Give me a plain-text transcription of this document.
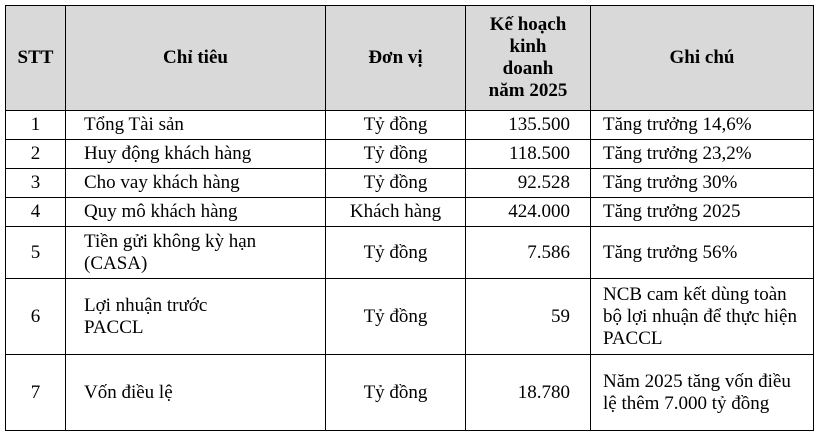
STT	Chỉ tiêu	Đơn vị	Kế hoạch kinh doanh năm 2025	Ghi chú
1	Tổng Tài sản	Tỷ đồng	135.500	Tăng trưởng 14,6%
2	Huy động khách hàng	Tỷ đồng	118.500	Tăng trưởng 23,2%
3	Cho vay khách hàng	Tỷ đồng	92.528	Tăng trưởng 30%
4	Quy mô khách hàng	Khách hàng	424.000	Tăng trưởng 2025
5	Tiền gửi không kỳ hạn (CASA)	Tỷ đồng	7.586	Tăng trưởng 56%
6	Lợi nhuận trước PACCL	Tỷ đồng	59	NCB cam kết dùng toàn bộ lợi nhuận để thực hiện PACCL
7	Vốn điều lệ	Tỷ đồng	18.780	Năm 2025 tăng vốn điều lệ thêm 7.000 tỷ đồng
